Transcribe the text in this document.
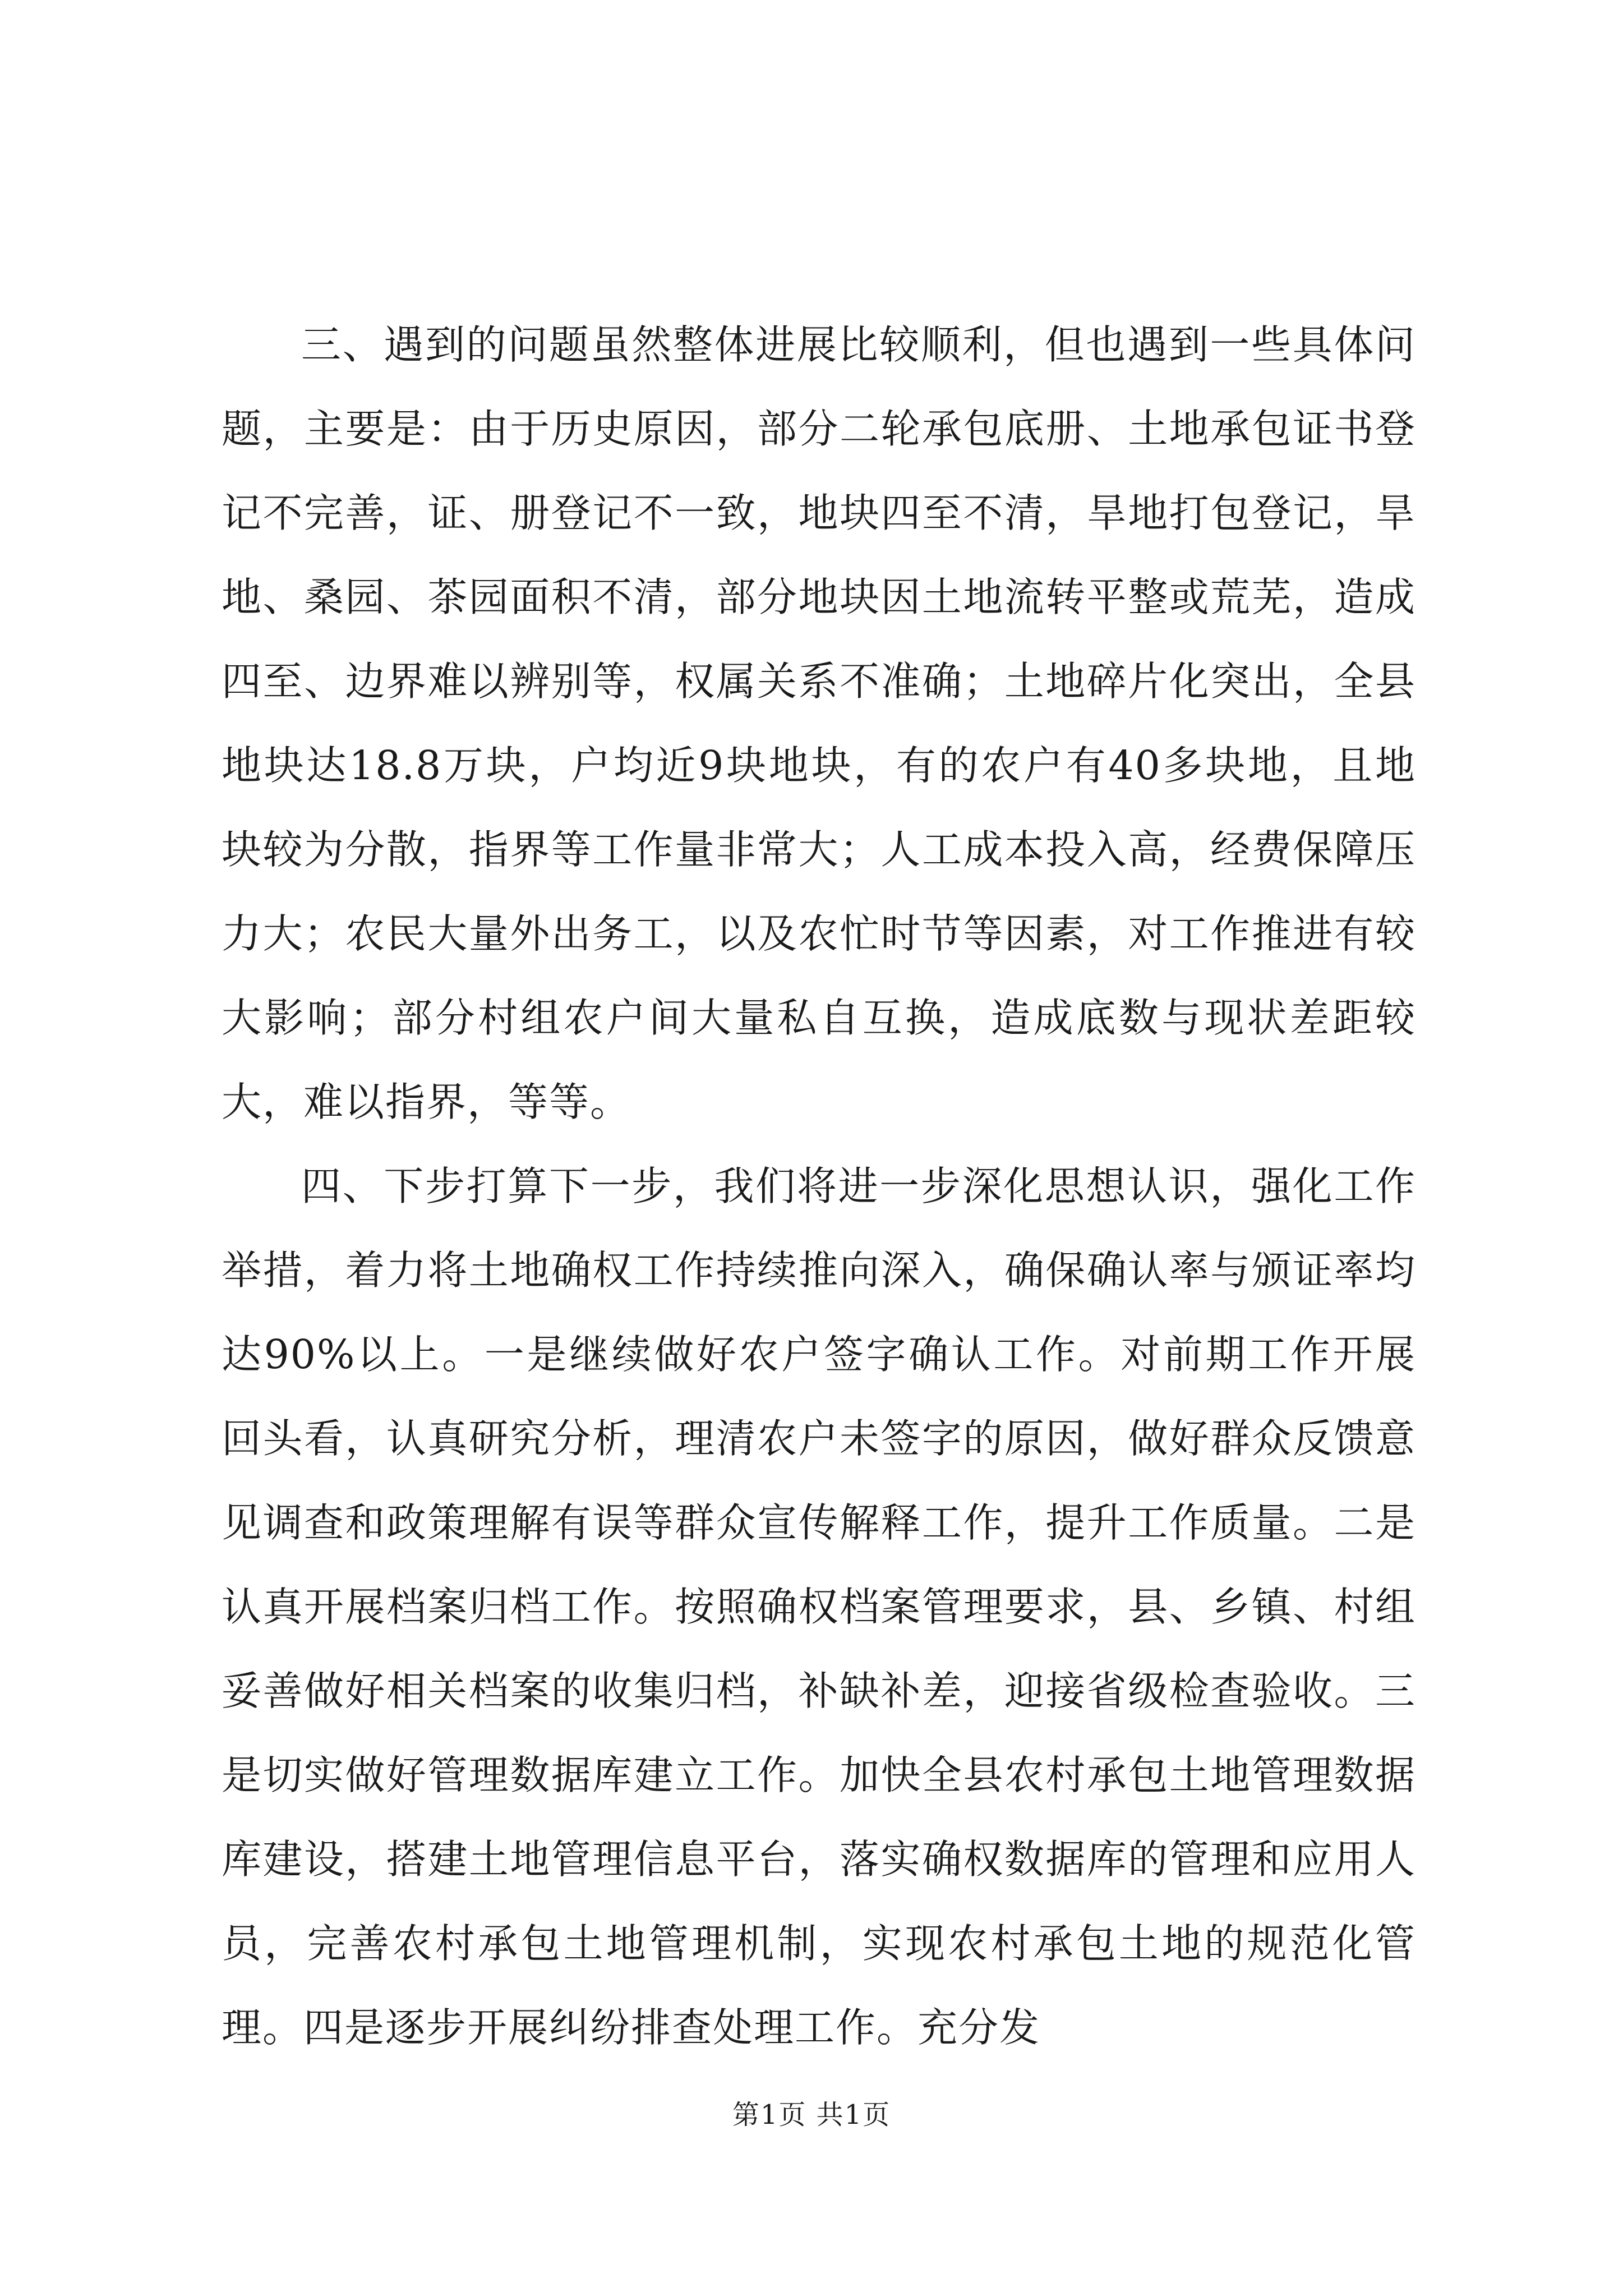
三、遇到的问题虽然整体进展比较顺利，但也遇到一些具体问题，主要是：由于历史原因，部分二轮承包底册、土地承包证书登记不完善，证、册登记不一致，地块四至不清，旱地打包登记，旱地、桑园、茶园面积不清，部分地块因土地流转平整或荒芜，造成四至、边界难以辨别等，权属关系不准确；土地碎片化突出，全县地块达18.8万块，户均近9块地块，有的农户有40多块地，且地块较为分散，指界等工作量非常大；人工成本投入高，经费保障压力大；农民大量外出务工，以及农忙时节等因素，对工作推进有较大影响；部分村组农户间大量私自互换，造成底数与现状差距较大，难以指界，等等。

四、下步打算下一步，我们将进一步深化思想认识，强化工作举措，着力将土地确权工作持续推向深入，确保确认率与颁证率均达90%以上。一是继续做好农户签字确认工作。对前期工作开展回头看，认真研究分析，理清农户未签字的原因，做好群众反馈意见调查和政策理解有误等群众宣传解释工作，提升工作质量。二是认真开展档案归档工作。按照确权档案管理要求，县、乡镇、村组妥善做好相关档案的收集归档，补缺补差，迎接省级检查验收。三是切实做好管理数据库建立工作。加快全县农村承包土地管理数据库建设，搭建土地管理信息平台，落实确权数据库的管理和应用人员，完善农村承包土地管理机制，实现农村承包土地的规范化管理。四是逐步开展纠纷排查处理工作。充分发

第1页 共1页
